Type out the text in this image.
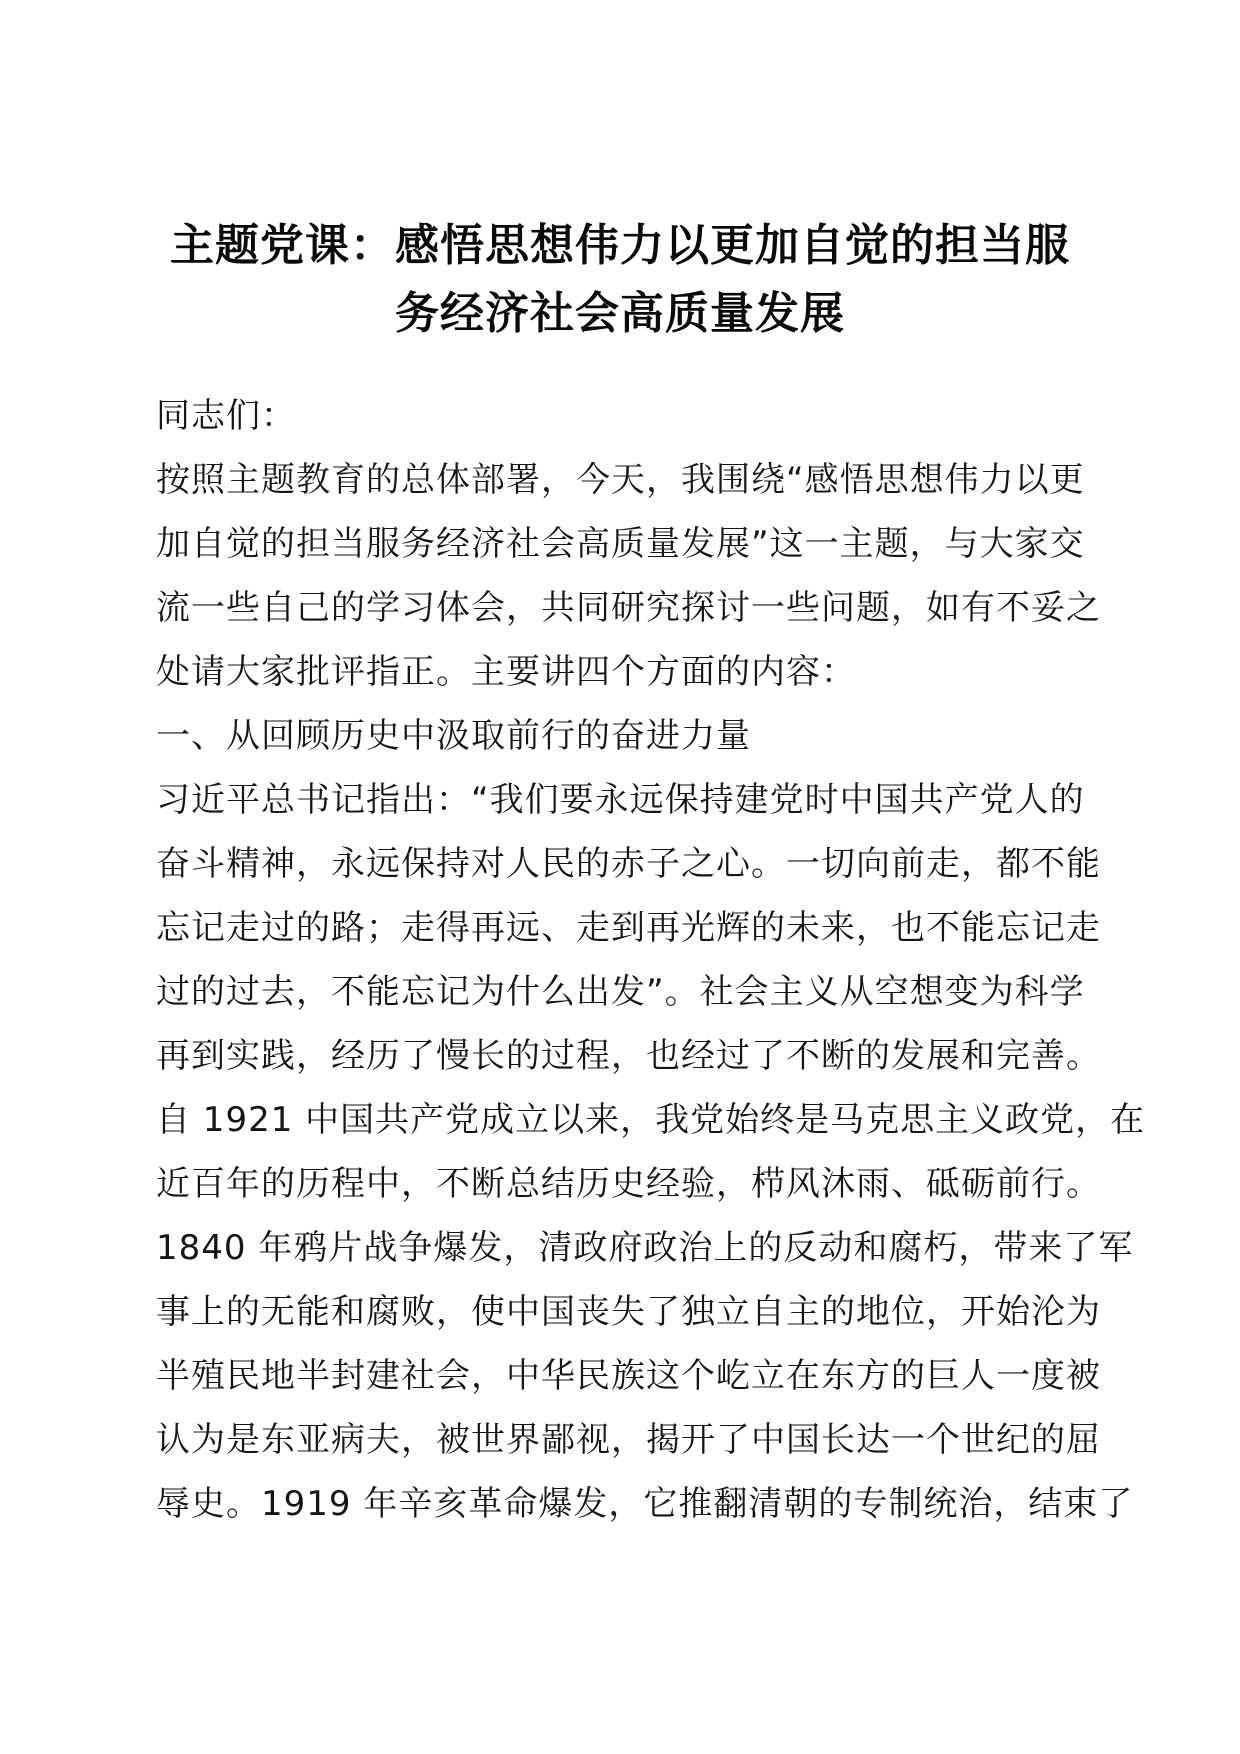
主题党课：感悟思想伟力以更加自觉的担当服
务经济社会高质量发展
同志们：
按照主题教育的总体部署，今天，我围绕“感悟思想伟力以更
加自觉的担当服务经济社会高质量发展”这一主题，与大家交
流一些自己的学习体会，共同研究探讨一些问题，如有不妥之
处请大家批评指正。主要讲四个方面的内容：
一、从回顾历史中汲取前行的奋进力量
习近平总书记指出：“我们要永远保持建党时中国共产党人的
奋斗精神，永远保持对人民的赤子之心。一切向前走，都不能
忘记走过的路；走得再远、走到再光辉的未来，也不能忘记走
过的过去，不能忘记为什么出发”。社会主义从空想变为科学
再到实践，经历了慢长的过程，也经过了不断的发展和完善。
自 1921 中国共产党成立以来，我党始终是马克思主义政党，在
近百年的历程中，不断总结历史经验，栉风沐雨、砥砺前行。
1840 年鸦片战争爆发，清政府政治上的反动和腐朽，带来了军
事上的无能和腐败，使中国丧失了独立自主的地位，开始沦为
半殖民地半封建社会，中华民族这个屹立在东方的巨人一度被
认为是东亚病夫，被世界鄙视，揭开了中国长达一个世纪的屈
辱史。1919 年辛亥革命爆发，它推翻清朝的专制统治，结束了
